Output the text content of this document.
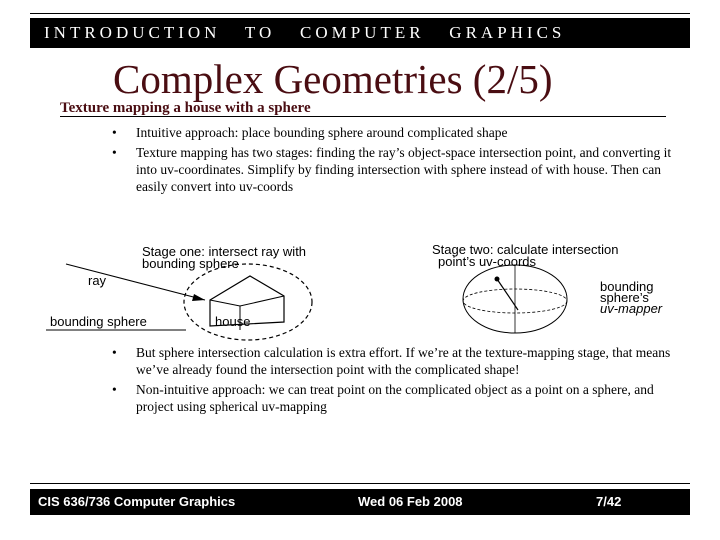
INTRODUCTION   TO   COMPUTER   GRAPHICS
Complex Geometries (2/5)
Texture mapping a house with a sphere
• Intuitive approach: place bounding sphere around complicated shape
• Texture mapping has two stages: finding the ray’s object-space intersection point, and converting it into uv-coordinates. Simplify by finding intersection with sphere instead of with house. Then can easily convert into uv-coords
Stage one: intersect ray with
bounding sphere
ray
bounding sphere	house
Stage two: calculate intersection
point’s uv-coords
bounding
sphere’s
uv-mapper
• But sphere intersection calculation is extra effort. If we’re at the texture-mapping stage, that means we’ve already found the intersection point with the complicated shape!
• Non-intuitive approach: we can treat point on the complicated object as a point on a sphere, and project using spherical uv-mapping
CIS 636/736 Computer Graphics	Wed 06 Feb 2008	7/42
